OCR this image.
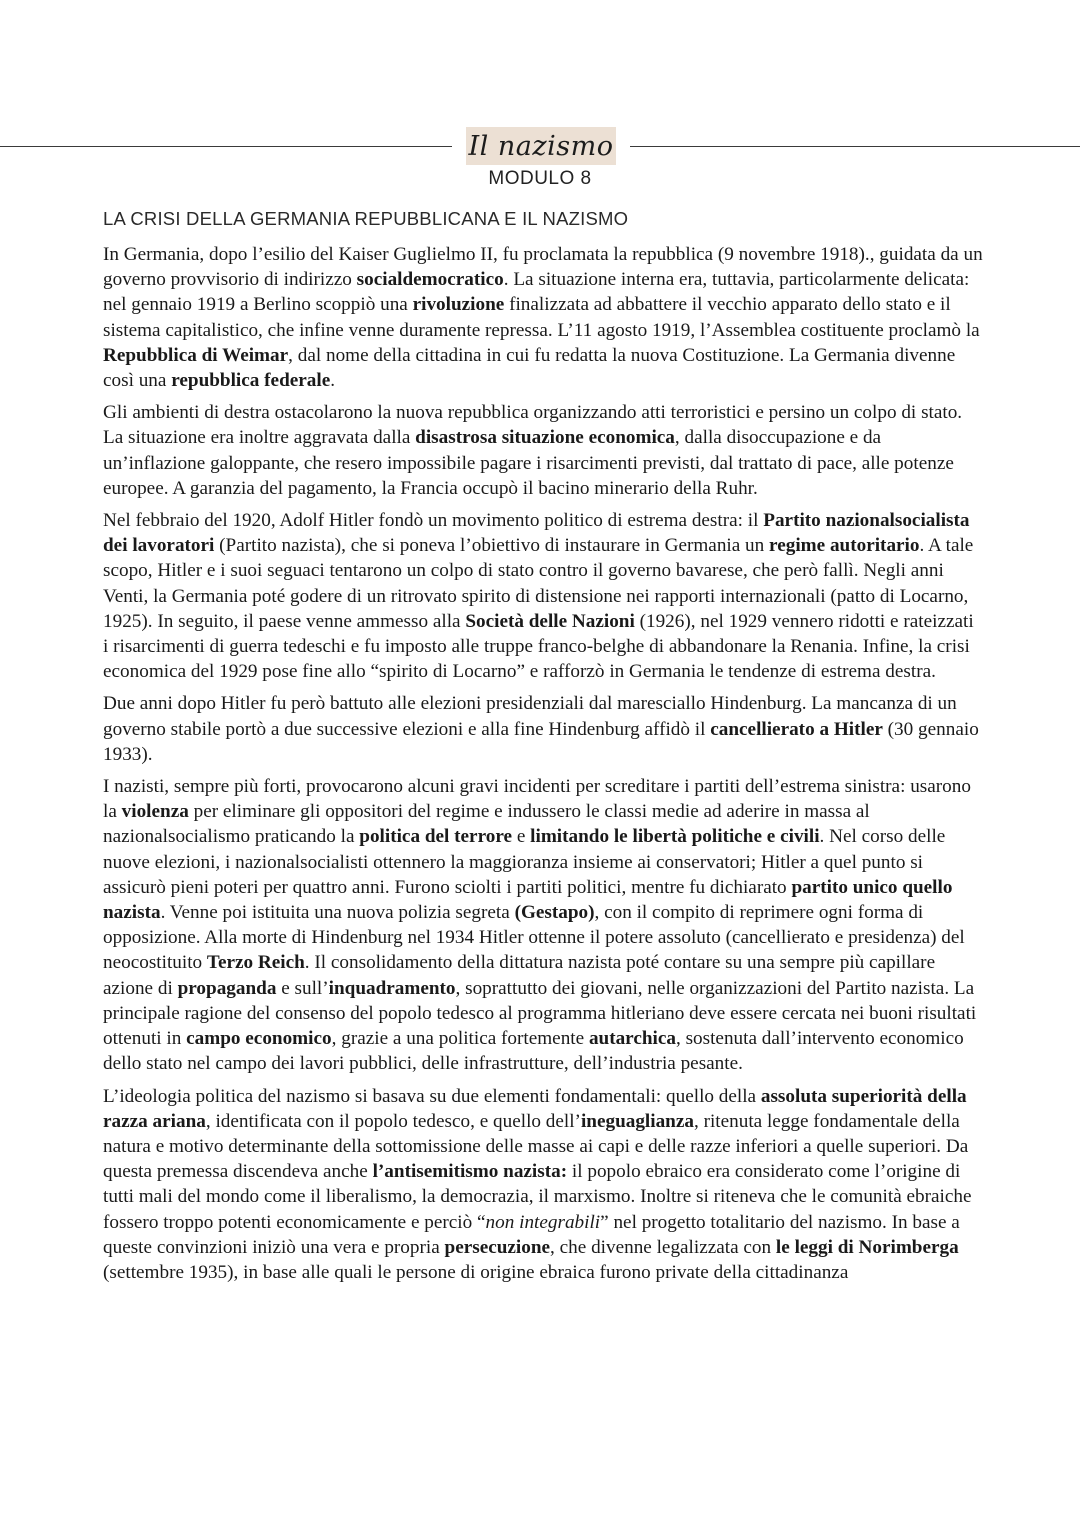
Il nazismo
MODULO 8
LA CRISI DELLA GERMANIA REPUBBLICANA E IL NAZISMO

In Germania, dopo l’esilio del Kaiser Guglielmo II, fu proclamata la repubblica (9 novembre 1918)., guidata da un governo provvisorio di indirizzo socialdemocratico. La situazione interna era, tuttavia, particolarmente delicata: nel gennaio 1919 a Berlino scoppiò una rivoluzione finalizzata ad abbattere il vecchio apparato dello stato e il sistema capitalistico, che infine venne duramente repressa. L’11 agosto 1919, l’Assemblea costituente proclamò la Repubblica di Weimar, dal nome della cittadina in cui fu redatta la nuova Costituzione. La Germania divenne così una repubblica federale.

Gli ambienti di destra ostacolarono la nuova repubblica organizzando atti terroristici e persino un colpo di stato. La situazione era inoltre aggravata dalla disastrosa situazione economica, dalla disoccupazione e da un’inflazione galoppante, che resero impossibile pagare i risarcimenti previsti, dal trattato di pace, alle potenze europee. A garanzia del pagamento, la Francia occupò il bacino minerario della Ruhr.

Nel febbraio del 1920, Adolf Hitler fondò un movimento politico di estrema destra: il Partito nazionalsocialista dei lavoratori (Partito nazista), che si poneva l’obiettivo di instaurare in Germania un regime autoritario. A tale scopo, Hitler e i suoi seguaci tentarono un colpo di stato contro il governo bavarese, che però fallì. Negli anni Venti, la Germania poté godere di un ritrovato spirito di distensione nei rapporti internazionali (patto di Locarno, 1925). In seguito, il paese venne ammesso alla Società delle Nazioni (1926), nel 1929 vennero ridotti e rateizzati i risarcimenti di guerra tedeschi e fu imposto alle truppe franco-belghe di abbandonare la Renania. Infine, la crisi economica del 1929 pose fine allo “spirito di Locarno” e rafforzò in Germania le tendenze di estrema destra.

Due anni dopo Hitler fu però battuto alle elezioni presidenziali dal maresciallo Hindenburg. La mancanza di un governo stabile portò a due successive elezioni e alla fine Hindenburg affidò il cancellierato a Hitler (30 gennaio 1933).

I nazisti, sempre più forti, provocarono alcuni gravi incidenti per screditare i partiti dell’estrema sinistra: usarono la violenza per eliminare gli oppositori del regime e indussero le classi medie ad aderire in massa al nazionalsocialismo praticando la politica del terrore e limitando le libertà politiche e civili. Nel corso delle nuove elezioni, i nazionalsocialisti ottennero la maggioranza insieme ai conservatori; Hitler a quel punto si assicurò pieni poteri per quattro anni. Furono sciolti i partiti politici, mentre fu dichiarato partito unico quello nazista. Venne poi istituita una nuova polizia segreta (Gestapo), con il compito di reprimere ogni forma di opposizione. Alla morte di Hindenburg nel 1934 Hitler ottenne il potere assoluto (cancellierato e presidenza) del neocostituito Terzo Reich. Il consolidamento della dittatura nazista poté contare su una sempre più capillare azione di propaganda e sull’inquadramento, soprattutto dei giovani, nelle organizzazioni del Partito nazista. La principale ragione del consenso del popolo tedesco al programma hitleriano deve essere cercata nei buoni risultati ottenuti in campo economico, grazie a una politica fortemente autarchica, sostenuta dall’intervento economico dello stato nel campo dei lavori pubblici, delle infrastrutture, dell’industria pesante.

L’ideologia politica del nazismo si basava su due elementi fondamentali: quello della assoluta superiorità della razza ariana, identificata con il popolo tedesco, e quello dell’ineguaglianza, ritenuta legge fondamentale della natura e motivo determinante della sottomissione delle masse ai capi e delle razze inferiori a quelle superiori. Da questa premessa discendeva anche l’antisemitismo nazista: il popolo ebraico era considerato come l’origine di tutti mali del mondo come il liberalismo, la democrazia, il marxismo. Inoltre si riteneva che le comunità ebraiche fossero troppo potenti economicamente e perciò “non integrabili” nel progetto totalitario del nazismo. In base a queste convinzioni iniziò una vera e propria persecuzione, che divenne legalizzata con le leggi di Norimberga (settembre 1935), in base alle quali le persone di origine ebraica furono private della cittadinanza
